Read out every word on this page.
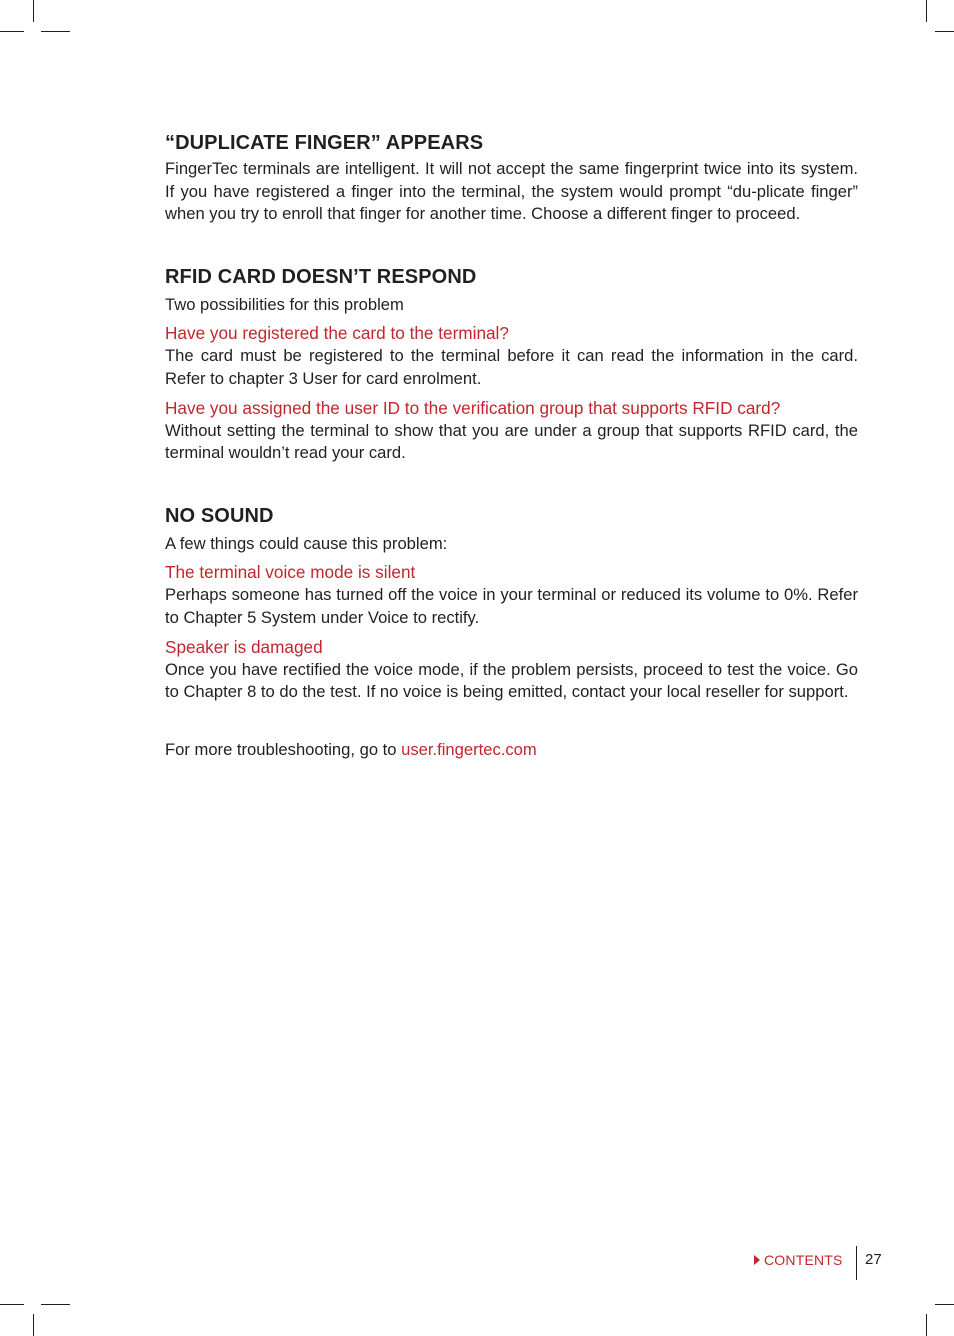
“DUPLICATE FINGER” APPEARS

FingerTec terminals are intelligent. It will not accept the same fingerprint twice into its system. If you have registered a finger into the terminal, the system would prompt “du-plicate finger” when you try to enroll that finger for another time. Choose a different finger to proceed.

RFID CARD DOESN’T RESPOND

Two possibilities for this problem

Have you registered the card to the terminal?

The card must be registered to the terminal before it can read the information in the card. Refer to chapter 3 User for card enrolment.

Have you assigned the user ID to the verification group that supports RFID card?

Without setting the terminal to show that you are under a group that supports RFID card, the terminal wouldn’t read your card.

NO SOUND

A few things could cause this problem:

The terminal voice mode is silent

Perhaps someone has turned off the voice in your terminal or reduced its volume to 0%. Refer to Chapter 5 System under Voice to rectify.

Speaker is damaged

Once you have rectified the voice mode, if the problem persists, proceed to test the voice. Go to Chapter 8 to do the test. If no voice is being emitted, contact your local reseller for support.

For more troubleshooting, go to user.fingertec.com

CONTENTS 27
